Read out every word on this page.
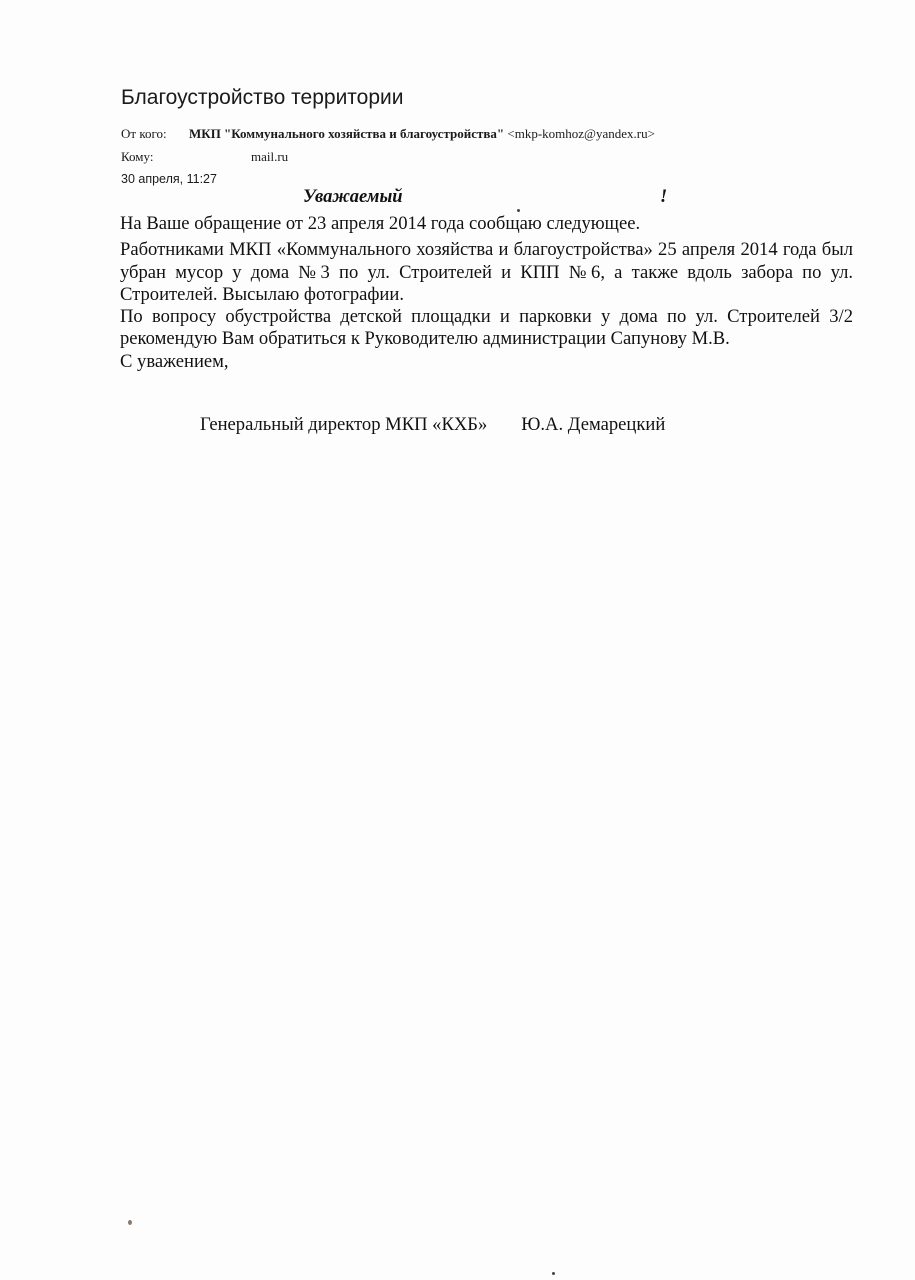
Благоустройство территории
От кого: МКП "Коммунального хозяйства и благоустройства" <mkp-komhoz@yandex.ru>
Кому:	mail.ru
30 апреля, 11:27
Уважаемый	!

На Ваше обращение от 23 апреля 2014 года сообщаю следующее.

Работниками МКП «Коммунального хозяйства и благоустройства» 25 апреля 2014 года был убран мусор у дома №3 по ул. Строителей и КПП №6, а также вдоль забора по ул. Строителей. Высылаю фотографии.

По вопросу обустройства детской площадки и парковки у дома по ул. Строителей 3/2 рекомендую Вам обратиться к Руководителю администрации Сапунову М.В.

С уважением,

Генеральный директор МКП «КХБ» Ю.А. Демарецкий
